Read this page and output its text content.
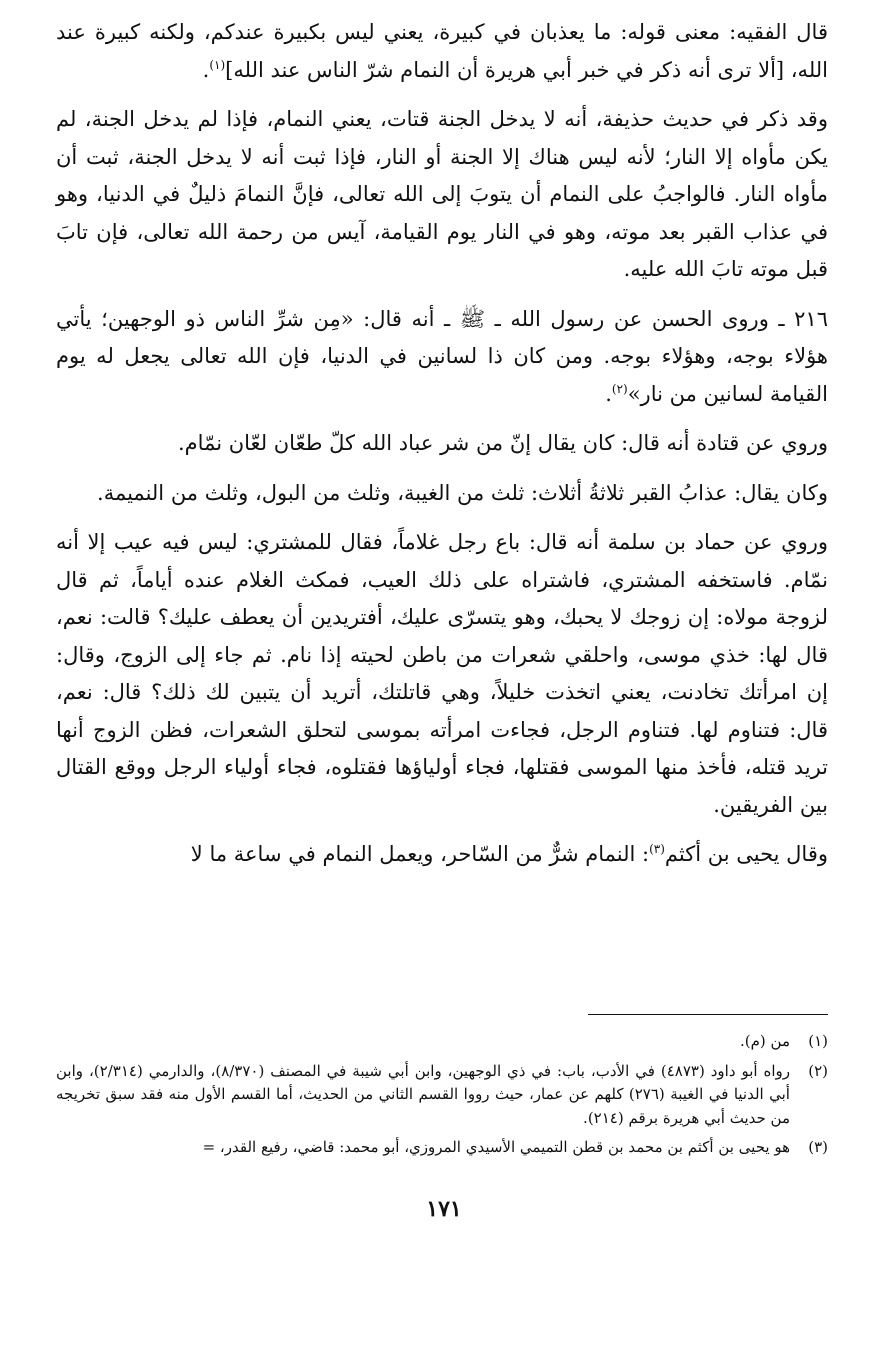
قال الفقيه: معنى قوله: ما يعذبان في كبيرة، يعني ليس بكبيرة عندكم، ولكنه كبيرة عند الله، [ألا ترى أنه ذكر في خبر أبي هريرة أن النمام شرّ الناس عند الله]$^{(١)}$.

وقد ذكر في حديث حذيفة، أنه لا يدخل الجنة قتات، يعني النمام، فإذا لم يدخل الجنة، لم يكن مأواه إلا النار؛ لأنه ليس هناك إلا الجنة أو النار، فإذا ثبت أنه لا يدخل الجنة، ثبت أن مأواه النار. فالواجبُ على النمام أن يتوبَ إلى الله تعالى، فإنَّ النمامَ ذليلٌ في الدنيا، وهو في عذاب القبر بعد موته، وهو في النار يوم القيامة، آيس من رحمة الله تعالى، فإن تابَ قبل موته تابَ الله عليه.

٢١٦ ـ وروى الحسن عن رسول الله ـ ﷺ ـ أنه قال: «مِن شرِّ الناس ذو الوجهين؛ يأتي هؤلاء بوجه، وهؤلاء بوجه. ومن كان ذا لسانين في الدنيا، فإن الله تعالى يجعل له يوم القيامة لسانين من نار»$^{(٢)}$.

وروي عن قتادة أنه قال: كان يقال إنّ من شر عباد الله كلّ طعّان لعّان نمّام.

وكان يقال: عذابُ القبر ثلاثةُ أثلاث: ثلث من الغيبة، وثلث من البول، وثلث من النميمة.

وروي عن حماد بن سلمة أنه قال: باع رجل غلاماً، فقال للمشتري: ليس فيه عيب إلا أنه نمّام. فاستخفه المشتري، فاشتراه على ذلك العيب، فمكث الغلام عنده أياماً، ثم قال لزوجة مولاه: إن زوجك لا يحبك، وهو يتسرّى عليك، أفتريدين أن يعطف عليك؟ قالت: نعم، قال لها: خذي موسى، واحلقي شعرات من باطن لحيته إذا نام. ثم جاء إلى الزوج، وقال: إن امرأتك تخادنت، يعني اتخذت خليلاً، وهي قاتلتك، أتريد أن يتبين لك ذلك؟ قال: نعم، قال: فتناوم لها. فتناوم الرجل، فجاءت امرأته بموسى لتحلق الشعرات، فظن الزوج أنها تريد قتله، فأخذ منها الموسى فقتلها، فجاء أولياؤها فقتلوه، فجاء أولياء الرجل ووقع القتال بين الفريقين.

وقال يحيى بن أكثم$^{(٣)}$: النمام شرٌّ من السّاحر، ويعمل النمام في ساعة ما لا

(١)
من (م).
(٢)
رواه أبو داود (٤٨٧٣) في الأدب، باب: في ذي الوجهين، وابن أبي شيبة في المصنف (٨/٣٧٠)، والدارمي (٢/٣١٤)، وابن أبي الدنيا في الغيبة (٢٧٦) كلهم عن عمار، حيث رووا القسم الثاني من الحديث، أما القسم الأول منه فقد سبق تخريجه من حديث أبي هريرة برقم (٢١٤).
(٣)
هو يحيى بن أكثم بن محمد بن قطن التميمي الأسيدي المروزي، أبو محمد: قاضي، رفيع القدر، =
١٧١
